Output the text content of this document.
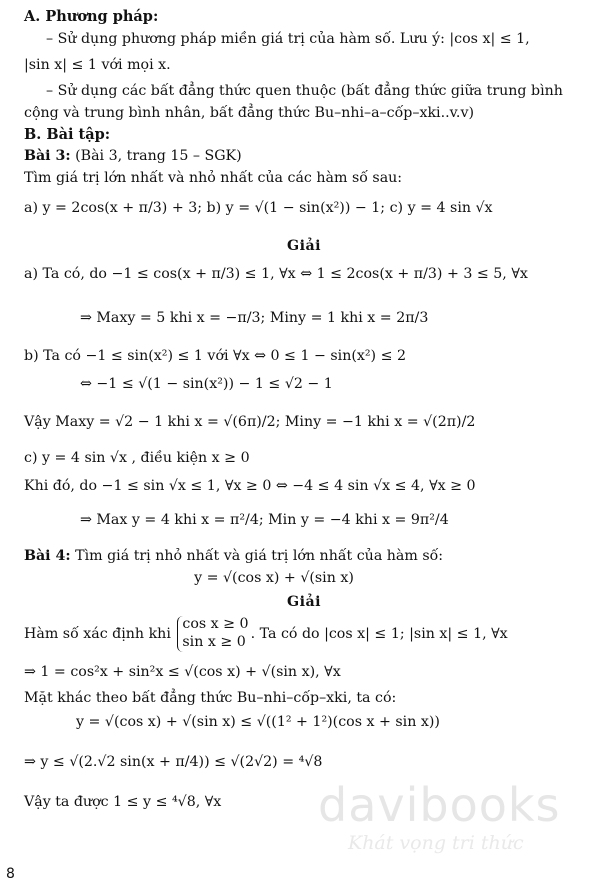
A. Phương pháp:
– Sử dụng phương pháp miền giá trị của hàm số. Lưu ý: |cos x| ≤ 1,
|sin x| ≤ 1 với mọi x.
– Sử dụng các bất đẳng thức quen thuộc (bất đẳng thức giữa trung bình
cộng và trung bình nhân, bất đẳng thức Bu–nhi–a–cốp–xki..v.v)
B. Bài tập:
Bài 3: (Bài 3, trang 15 – SGK)
Tìm giá trị lớn nhất và nhỏ nhất của các hàm số sau:
a) y = 2cos(x + π/3) + 3; b) y = √(1 − sin(x²)) − 1; c) y = 4 sin √x
Giải
a) Ta có, do −1 ≤ cos(x + π/3) ≤ 1, ∀x ⇔ 1 ≤ 2cos(x + π/3) + 3 ≤ 5, ∀x
⇒ Maxy = 5 khi x = −π/3; Miny = 1 khi x = 2π/3
b) Ta có −1 ≤ sin(x²) ≤ 1 với ∀x ⇔ 0 ≤ 1 − sin(x²) ≤ 2
⇔ −1 ≤ √(1 − sin(x²)) − 1 ≤ √2 − 1
Vậy Maxy = √2 − 1 khi x = √(6π)/2; Miny = −1 khi x = √(2π)/2
c) y = 4 sin √x , điều kiện x ≥ 0
Khi đó, do −1 ≤ sin √x ≤ 1, ∀x ≥ 0 ⇔ −4 ≤ 4 sin √x ≤ 4, ∀x ≥ 0
⇒ Max y = 4 khi x = π²/4; Min y = −4 khi x = 9π²/4
Bài 4: Tìm giá trị nhỏ nhất và giá trị lớn nhất của hàm số:
y = √(cos x) + √(sin x)
Giải
Hàm số xác định khi
cos x ≥ 0
sin x ≥ 0 . Ta có do |cos x| ≤ 1; |sin x| ≤ 1, ∀x
⇒ 1 = cos²x + sin²x ≤ √(cos x) + √(sin x), ∀x
Mặt khác theo bất đẳng thức Bu–nhi–cốp–xki, ta có:
y = √(cos x) + √(sin x) ≤ √((1² + 1²)(cos x + sin x))
⇒ y ≤ √(2.√2 sin(x + π/4)) ≤ √(2√2) = ⁴√8
Vậy ta được 1 ≤ y ≤ ⁴√8, ∀x davibooks
Khát vọng tri thức
8
